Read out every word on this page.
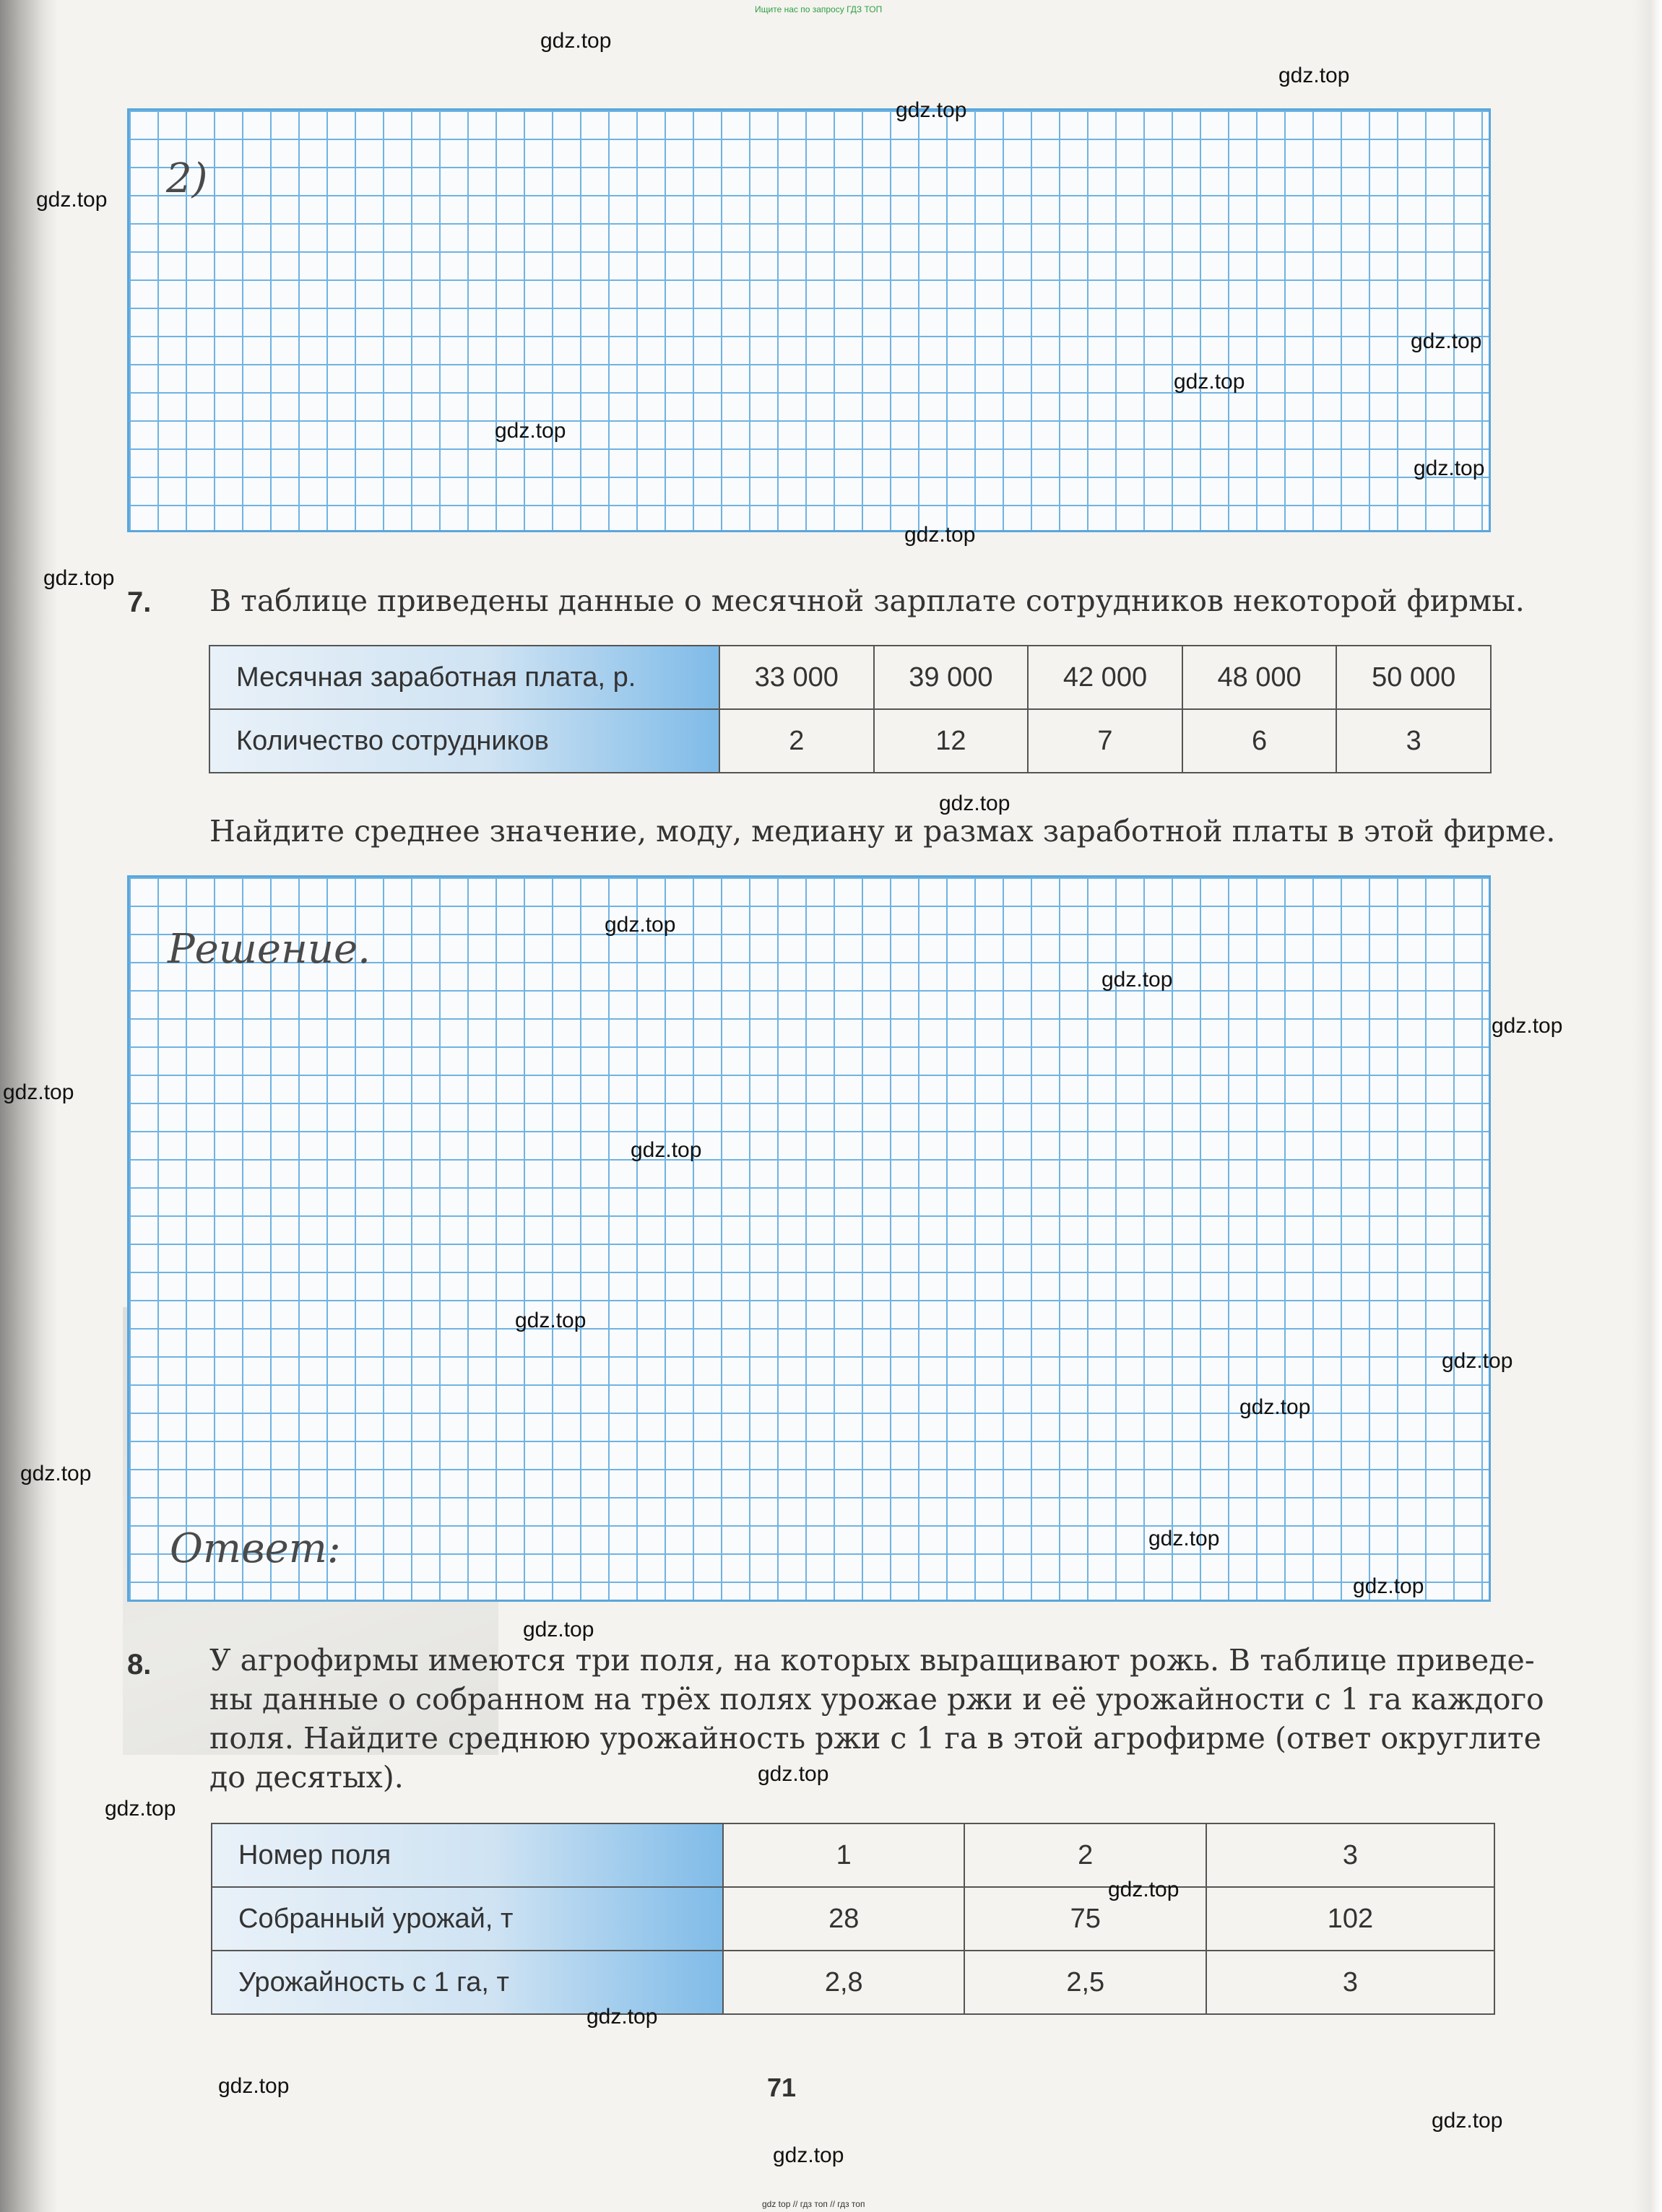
Ищите нас по запросу ГДЗ ТОП
2)
7. В таблице приведены данные о месячной зарплате сотрудников некоторой фирмы.
Месячная заработная плата, р.	33 000	39 000	42 000	48 000	50 000
Количество сотрудников	2	12	7	6	3
Найдите среднее значение, моду, медиану и размах заработной платы в этой фирме.
Решение.
Ответ:
8. У агрофирмы имеются три поля, на которых выращивают рожь. В таблице приведе-
ны данные о собранном на трёх полях урожае ржи и её урожайности с 1 га каждого
поля. Найдите среднюю урожайность ржи с 1 га в этой агрофирме (ответ округлите
до десятых).
Номер поля	1	2	3
Собранный урожай, т	28	75	102
Урожайность с 1 га, т	2,8	2,5	3
71
gdz top // гдз топ // гдз топ
gdz.top
gdz.top
gdz.top
gdz.top
gdz.top
gdz.top
gdz.top
gdz.top
gdz.top
gdz.top
gdz.top
gdz.top
gdz.top
gdz.top
gdz.top
gdz.top
gdz.top
gdz.top
gdz.top
gdz.top
gdz.top
gdz.top
gdz.top
gdz.top
gdz.top
gdz.top
gdz.top
gdz.top
gdz.top
gdz.top
